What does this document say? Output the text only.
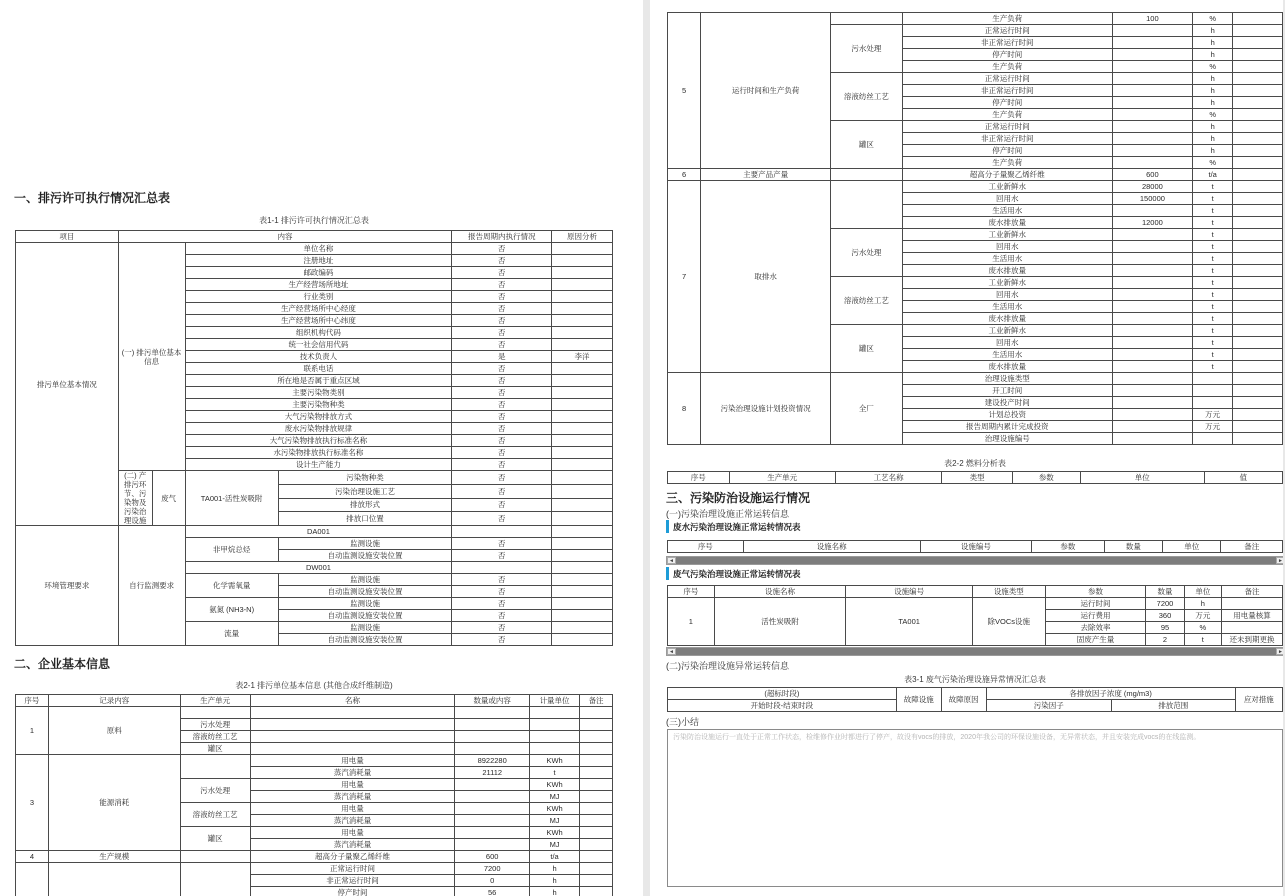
一、排污许可执行情况汇总表
表1-1 排污许可执行情况汇总表
项目	内容				报告周期内执行情况	原因分析
排污单位基本情况	(一) 排污单位基本信息		单位名称		否	
			注册地址		否	
			邮政编码		否	
			生产经营场所地址		否	
			行业类别		否	
			生产经营场所中心经度		否	
			生产经营场所中心纬度		否	
			组织机构代码		否	
			统一社会信用代码		否	
			技术负责人		是	李洋
			联系电话		否	
			所在地是否属于重点区域		否	
			主要污染物类别		否	
			主要污染物种类		否	
			大气污染物排放方式		否	
			废水污染物排放规律		否	
			大气污染物排放执行标准名称		否	
			水污染物排放执行标准名称		否	
			设计生产能力		否	
	(二) 产排污环节、污染物及污染治理设施	废气	TA001-活性炭吸附	污染物种类	否	
				污染治理设施工艺	否	
				排放形式	否	
				排放口位置	否	
环境管理要求	自行监测要求		DA001			
			非甲烷总烃	监测设施	否	
				自动监测设施安装位置	否	
			DW001			
			化学需氧量	监测设施	否	
				自动监测设施安装位置	否	
			氨氮 (NH3-N)	监测设施	否	
				自动监测设施安装位置	否	
			流量	监测设施	否	
				自动监测设施安装位置	否	
二、企业基本信息
表2-1 排污单位基本信息 (其他合成纤维制造)
序号	记录内容	生产单元	名称	数量或内容	计量单位	备注
1	原料					
		污水处理				
		溶液纺丝工艺				
		罐区				
3	能源消耗		用电量	8922280	KWh	
			蒸汽消耗量	21112	t	
		污水处理	用电量		KWh	
			蒸汽消耗量		MJ	
		溶液纺丝工艺	用电量		KWh	
			蒸汽消耗量		MJ	
		罐区	用电量		KWh	
			蒸汽消耗量		MJ	
4	生产规模		超高分子量聚乙烯纤维	600	t/a	
			正常运行时间	7200	h	
			非正常运行时间	0	h	
			停产时间	56	h	
5	运行时间和生产负荷		生产负荷	100	%	
		污水处理	正常运行时间		h	
			非正常运行时间		h	
			停产时间		h	
			生产负荷		%	
		溶液纺丝工艺	正常运行时间		h	
			非正常运行时间		h	
			停产时间		h	
			生产负荷		%	
		罐区	正常运行时间		h	
			非正常运行时间		h	
			停产时间		h	
			生产负荷		%	
6	主要产品产量		超高分子量聚乙烯纤维	600	t/a	
7	取排水		工业新鲜水	28000	t	
			回用水	150000	t	
			生活用水		t	
			废水排放量	12000	t	
		污水处理	工业新鲜水		t	
			回用水		t	
			生活用水		t	
			废水排放量		t	
		溶液纺丝工艺	工业新鲜水		t	
			回用水		t	
			生活用水		t	
			废水排放量		t	
		罐区	工业新鲜水		t	
			回用水		t	
			生活用水		t	
			废水排放量		t	
8	污染治理设施计划投资情况	全厂	治理设施类型			
			开工时间			
			建设投产时间			
			计划总投资		万元	
			报告周期内累计完成投资		万元	
			治理设施编号			
表2-2 燃料分析表
序号	生产单元	工艺名称	类型	参数	单位	值
三、污染防治设施运行情况
(一)污染治理设施正常运转信息
废水污染治理设施正常运转情况表
序号	设施名称	设施编号	参数	数量	单位	备注
◄	►
废气污染治理设施正常运转情况表
序号	设施名称	设施编号	设施类型	参数	数量	单位	备注
1	活性炭吸附	TA001	除VOCs设施	运行时间	7200	h	
				运行费用	360	万元	用电量核算
				去除效率	95	%	
				固废产生量	2	t	还未到期更换
◄	►
(二)污染治理设施异常运转信息
表3-1 废气污染治理设施异常情况汇总表
(超标时段)	故障设施	故障原因	各排放因子浓度 (mg/m3)		应对措施
开始时段-结束时段			污染因子	排放范围	
(三)小结
污染防治设施运行一直处于正常工作状态，检维修作业时都进行了停产，故没有vocs的排放，2020年我公司的环保设施设备，无异常状态，并且安装完成vocs的在线监测。
